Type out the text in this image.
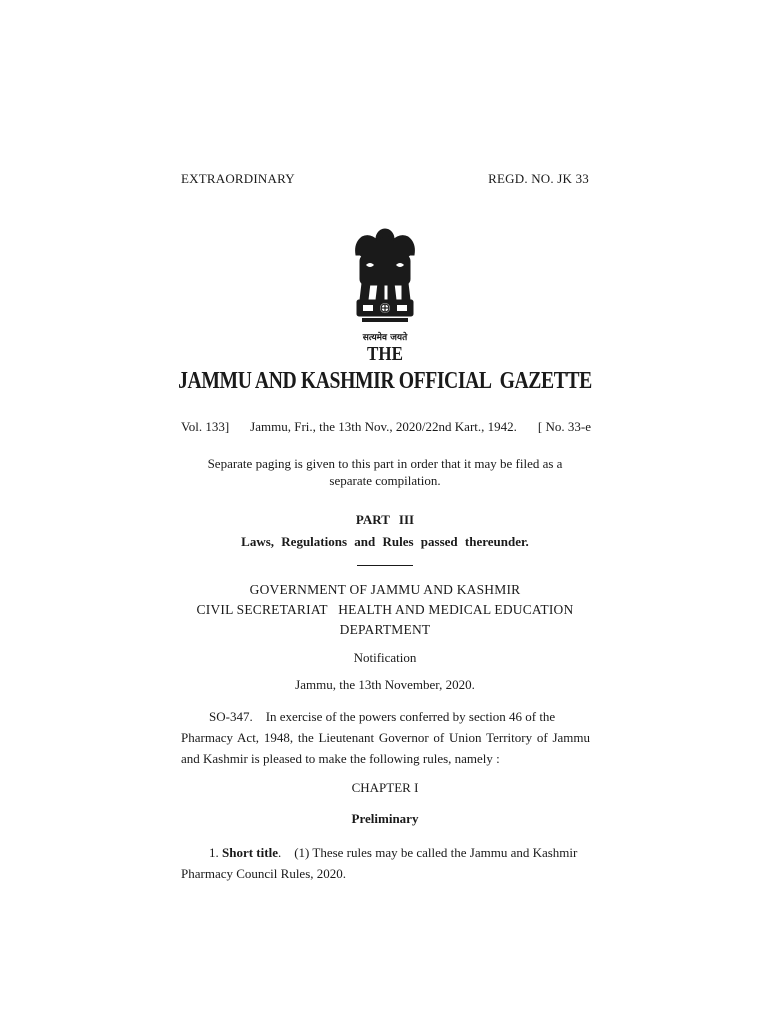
EXTRAORDINARY	REGD. NO. JK 33
सत्यमेव जयते
THE
JAMMU AND KASHMIR OFFICIAL  GAZETTE
Vol. 133] Jammu, Fri., the 13th Nov., 2020/22nd Kart., 1942. [ No. 33-e
Separate paging is given to this part in order that it may be filed as a
separate compilation.
PART III
Laws, Regulations and Rules passed thereunder.
GOVERNMENT OF JAMMU AND KASHMIR
CIVIL SECRETARIAT   HEALTH AND MEDICAL EDUCATION
DEPARTMENT
Notification
Jammu, the 13th November, 2020.
SO-347.    In exercise of the powers conferred by section 46 of the
Pharmacy Act, 1948, the Lieutenant Governor of Union Territory of Jammu
and Kashmir is pleased to make the following rules, namely :
CHAPTER I
Preliminary
1. Short title.    (1) These rules may be called the Jammu and Kashmir
Pharmacy Council Rules, 2020.
